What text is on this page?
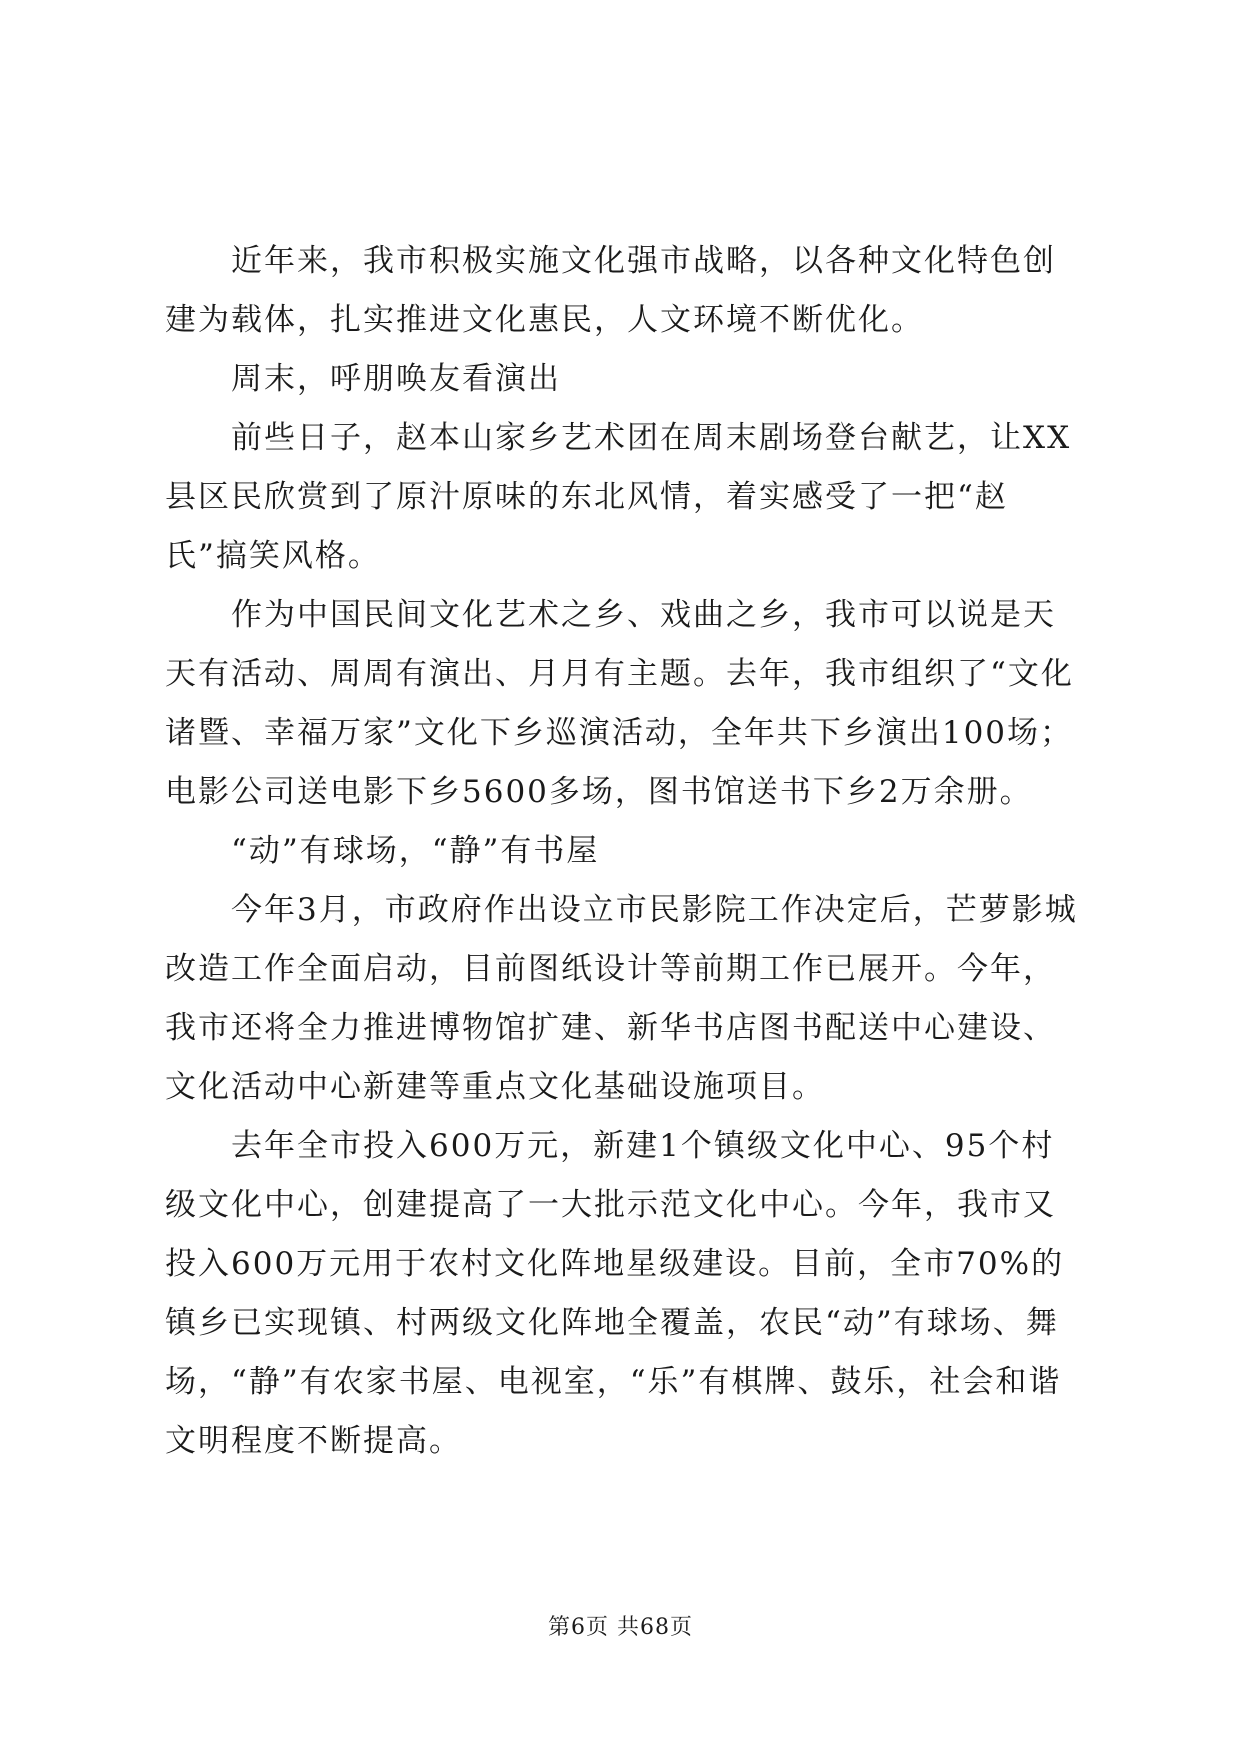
近年来，我市积极实施文化强市战略，以各种文化特色创建为载体，扎实推进文化惠民，人文环境不断优化。

周末，呼朋唤友看演出

前些日子，赵本山家乡艺术团在周末剧场登台献艺，让XX县区民欣赏到了原汁原味的东北风情，着实感受了一把“赵氏”搞笑风格。

作为中国民间文化艺术之乡、戏曲之乡，我市可以说是天天有活动、周周有演出、月月有主题。去年，我市组织了“文化诸暨、幸福万家”文化下乡巡演活动，全年共下乡演出100场；电影公司送电影下乡5600多场，图书馆送书下乡2万余册。

“动”有球场，“静”有书屋

今年3月，市政府作出设立市民影院工作决定后，芒萝影城改造工作全面启动，目前图纸设计等前期工作已展开。今年，我市还将全力推进博物馆扩建、新华书店图书配送中心建设、文化活动中心新建等重点文化基础设施项目。

去年全市投入600万元，新建1个镇级文化中心、95个村级文化中心，创建提高了一大批示范文化中心。今年，我市又投入600万元用于农村文化阵地星级建设。目前，全市70%的镇乡已实现镇、村两级文化阵地全覆盖，农民“动”有球场、舞场，“静”有农家书屋、电视室，“乐”有棋牌、鼓乐，社会和谐文明程度不断提高。

第6页 共68页
